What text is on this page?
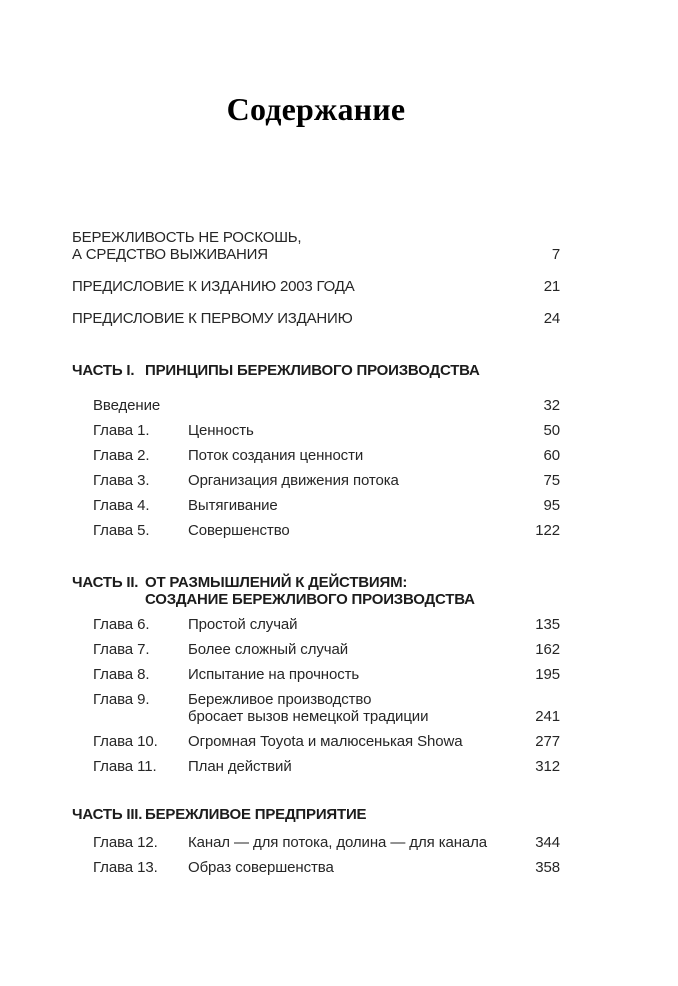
Содержание
БЕРЕЖЛИВОСТЬ НЕ РОСКОШЬ,
А СРЕДСТВО ВЫЖИВАНИЯ	7
ПРЕДИСЛОВИЕ К ИЗДАНИЮ 2003 ГОДА	21
ПРЕДИСЛОВИЕ К ПЕРВОМУ ИЗДАНИЮ	24
ЧАСТЬ I. ПРИНЦИПЫ БЕРЕЖЛИВОГО ПРОИЗВОДСТВА
Введение	32
Глава 1.	Ценность	50
Глава 2.	Поток создания ценности	60
Глава 3.	Организация движения потока	75
Глава 4.	Вытягивание	95
Глава 5.	Совершенство	122
ЧАСТЬ II. ОТ РАЗМЫШЛЕНИЙ К ДЕЙСТВИЯМ:
СОЗДАНИЕ БЕРЕЖЛИВОГО ПРОИЗВОДСТВА
Глава 6.	Простой случай	135
Глава 7.	Более сложный случай	162
Глава 8.	Испытание на прочность	195
Глава 9.	Бережливое производство
бросает вызов немецкой традиции	241
Глава 10.	Огромная Toyota и малюсенькая Showa	277
Глава 11.	План действий	312
ЧАСТЬ III. БЕРЕЖЛИВОЕ ПРЕДПРИЯТИЕ
Глава 12.	Канал — для потока, долина — для канала	344
Глава 13.	Образ совершенства	358
